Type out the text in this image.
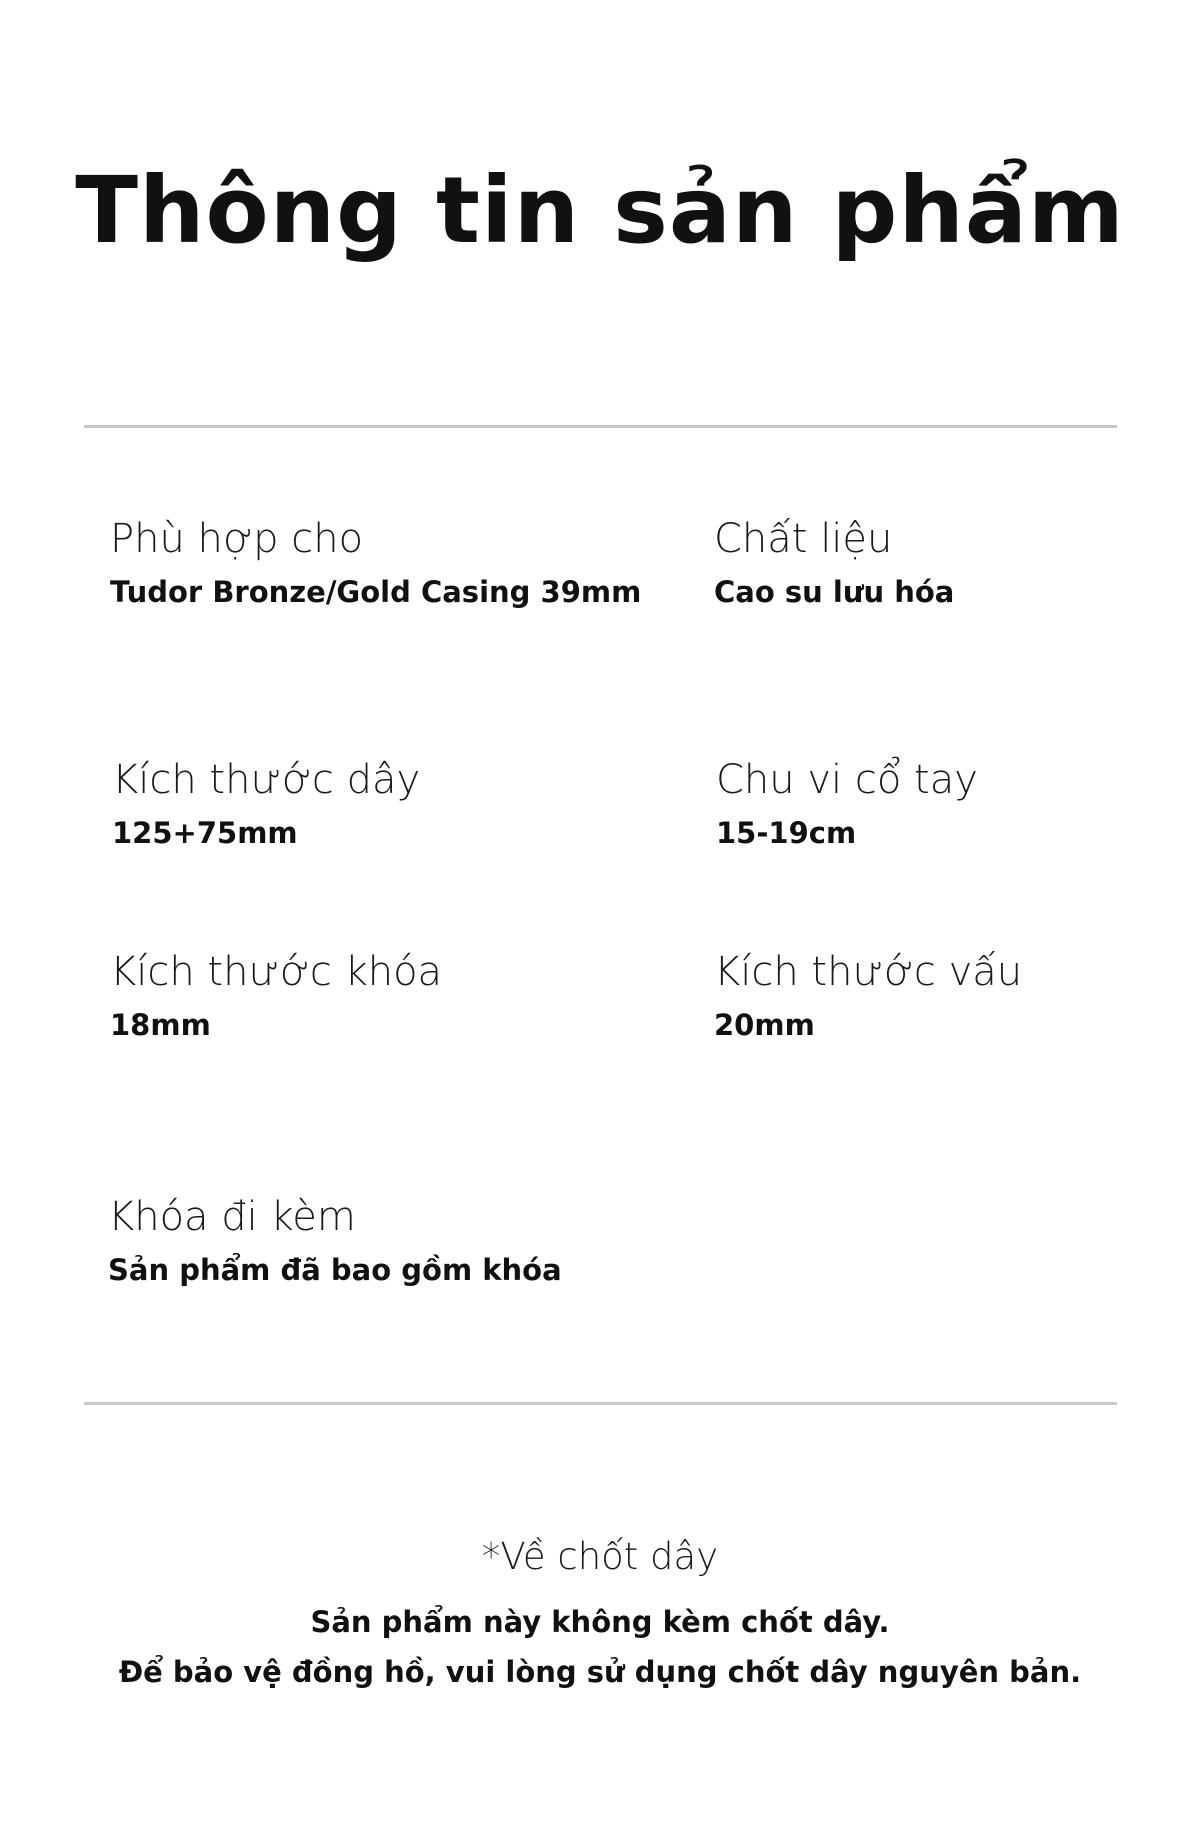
Thông tin sản phẩm
Phù hợp cho
Tudor Bronze/Gold Casing 39mm
Chất liệu
Cao su lưu hóa
Kích thước dây
125+75mm
Chu vi cổ tay
15-19cm
Kích thước khóa
18mm
Kích thước vấu
20mm
Khóa đi kèm
Sản phẩm đã bao gồm khóa
*Về chốt dây
Sản phẩm này không kèm chốt dây.
Để bảo vệ đồng hồ, vui lòng sử dụng chốt dây nguyên bản.
